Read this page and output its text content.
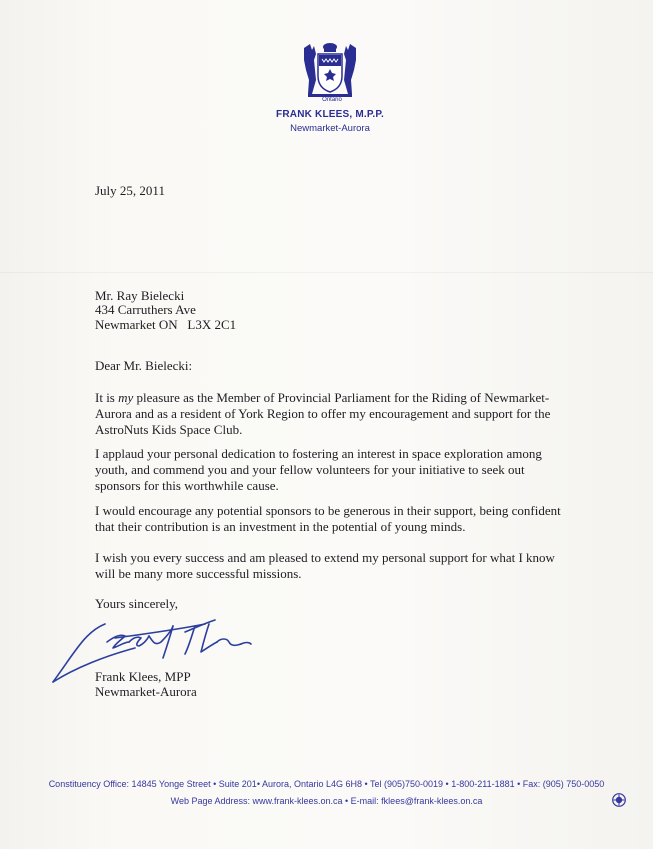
Ontario
FRANK KLEES, M.P.P.
Newmarket-Aurora
July 25, 2011
Mr. Ray Bielecki
434 Carruthers Ave
Newmarket ON   L3X 2C1
Dear Mr. Bielecki:
It is my pleasure as the Member of Provincial Parliament for the Riding of Newmarket-
Aurora and as a resident of York Region to offer my encouragement and support for the
AstroNuts Kids Space Club.
I applaud your personal dedication to fostering an interest in space exploration among
youth, and commend you and your fellow volunteers for your initiative to seek out
sponsors for this worthwhile cause.
I would encourage any potential sponsors to be generous in their support, being confident
that their contribution is an investment in the potential of young minds.
I wish you every success and am pleased to extend my personal support for what I know
will be many more successful missions.
Yours sincerely,
Frank Klees, MPP
Newmarket-Aurora
Constituency Office: 14845 Yonge Street • Suite 201• Aurora, Ontario L4G 6H8 • Tel (905)750-0019 • 1-800-211-1881 • Fax: (905) 750-0050
Web Page Address: www.frank-klees.on.ca • E-mail: fklees@frank-klees.on.ca
